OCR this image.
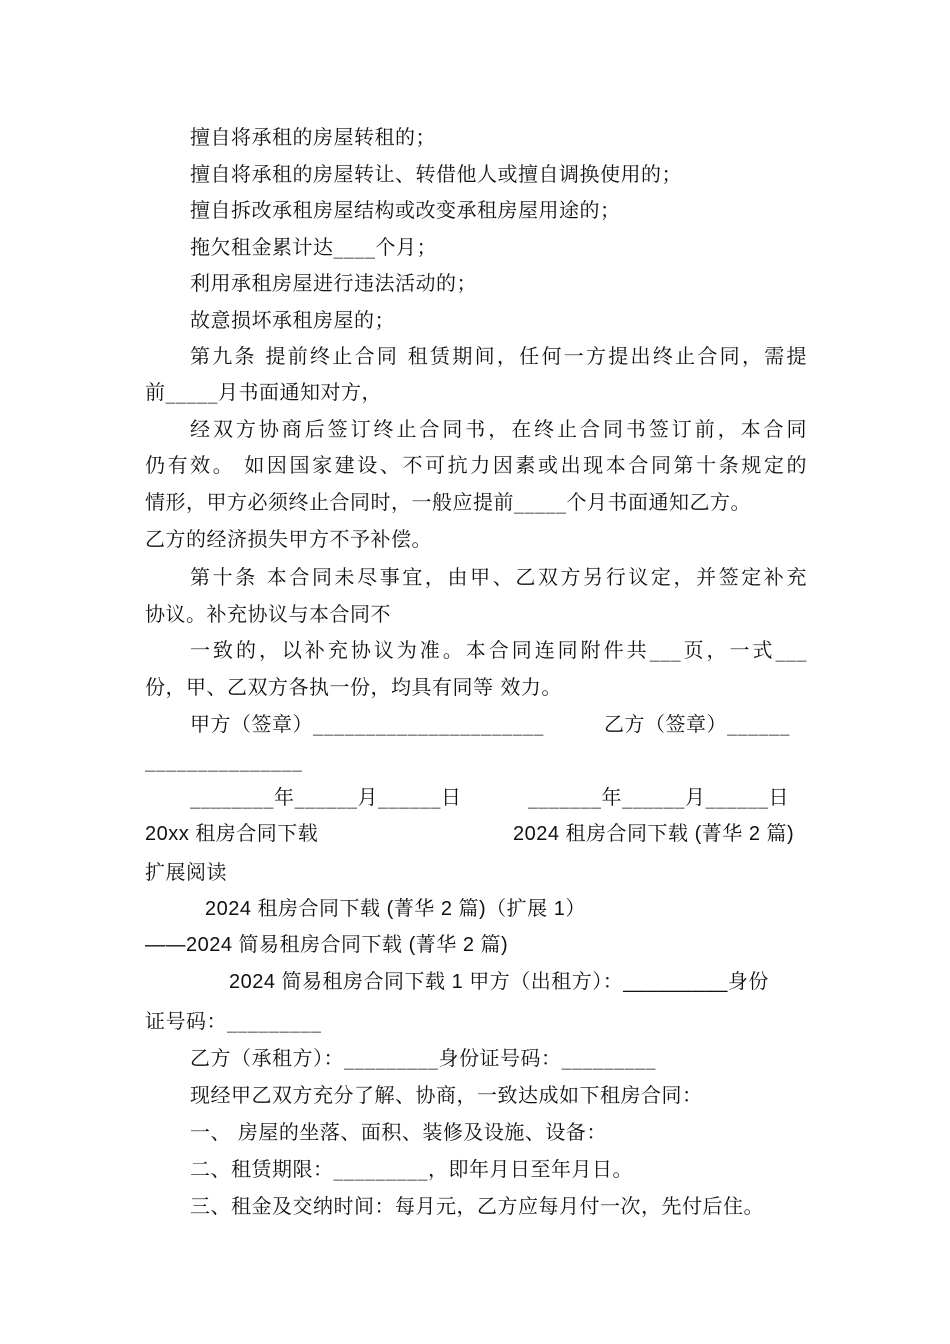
擅自将承租的房屋转租的；
擅自将承租的房屋转让、转借他人或擅自调换使用的；
擅自拆改承租房屋结构或改变承租房屋用途的；
拖欠租金累计达____个月；
利用承租房屋进行违法活动的；
故意损坏承租房屋的；
第九条 提前终止合同 租赁期间，任何一方提出终止合同，需提
前_____月书面通知对方，
经双方协商后签订终止合同书，在终止合同书签订前，本合同
仍有效。 如因国家建设、不可抗力因素或出现本合同第十条规定的
情形，甲方必须终止合同时，一般应提前_____个月书面通知乙方。
乙方的经济损失甲方不予补偿。
第十条 本合同未尽事宜，由甲、乙双方另行议定，并签定补充
协议。补充协议与本合同不
一致的，以补充协议为准。本合同连同附件共___页，一式___
份，甲、乙双方各执一份，均具有同等 效力。
甲方（签章）______________________	乙方（签章）______
_______________
________年______月______日	_______年______月______日
20xx 租房合同下载	2024 租房合同下载 (菁华 2 篇)
扩展阅读
2024 租房合同下载 (菁华 2 篇)（扩展 1）
——2024 简易租房合同下载 (菁华 2 篇)
2024 简易租房合同下载 1 甲方（出租方）：_________身份
证号码：_________
乙方（承租方）：_________身份证号码：_________
现经甲乙双方充分了解、协商，一致达成如下租房合同：
一、 房屋的坐落、面积、装修及设施、设备：
二、租赁期限：_________，即年月日至年月日。
三、租金及交纳时间：每月元，乙方应每月付一次，先付后住。
